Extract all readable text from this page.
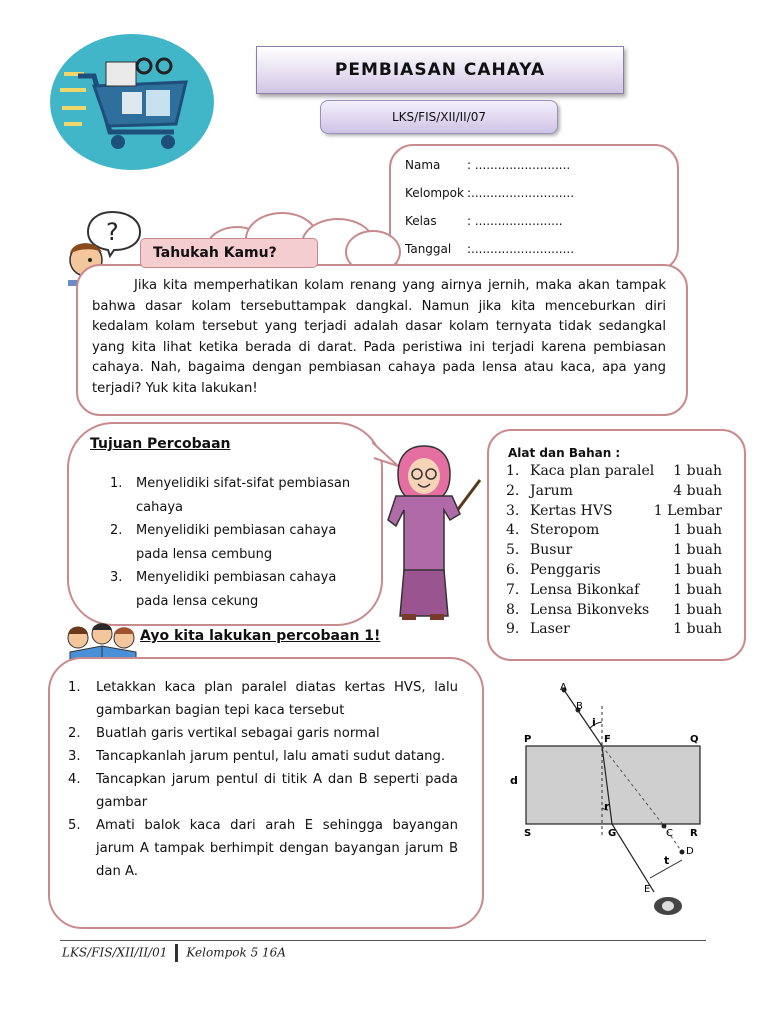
PEMBIASAN CAHAYA
LKS/FIS/XII/II/07
Nama : .........................
Kelompok :...........................
Kelas	: .......................
Tanggal :...........................
?
Tahukah Kamu?
Jika kita memperhatikan kolam renang yang airnya jernih, maka akan tampak bahwa dasar kolam tersebuttampak dangkal. Namun jika kita menceburkan diri kedalam kolam tersebut yang terjadi adalah dasar kolam ternyata tidak sedangkal yang kita lihat ketika berada di darat. Pada peristiwa ini terjadi karena pembiasan cahaya. Nah, bagaima dengan pembiasan cahaya pada lensa atau kaca, apa yang terjadi? Yuk kita lakukan!
Tujuan Percobaan
1. Menyelidiki sifat-sifat pembiasan cahaya
2. Menyelidiki pembiasan cahaya pada lensa cembung
3. Menyelidiki pembiasan cahaya pada lensa cekung
Alat dan Bahan :
1. Kaca plan paralel 1 buah
2. Jarum	4 buah
3. Kertas HVS	1 Lembar
4. Steropom	1 buah
5. Busur	1 buah
6. Penggaris	1 buah
7. Lensa Bikonkaf 1 buah
8. Lensa Bikonveks 1 buah
9. Laser	1 buah
Ayo kita lakukan percobaan 1!
1. Letakkan kaca plan paralel diatas kertas HVS, lalu gambarkan bagian tepi kaca tersebut
2. Buatlah garis vertikal sebagai garis normal
3. Tancapkanlah jarum pentul, lalu amati sudut datang.
4. Tancapkan jarum pentul di titik A dan B seperti pada gambar
5. Amati balok kaca dari arah E sehingga bayangan jarum A tampak berhimpit dengan bayangan jarum B dan A.
A
B
i
P	F	Q
d
r
S	G	C R
D
t
E
LKS/FIS/XII/II/01 Kelompok 5 16A
